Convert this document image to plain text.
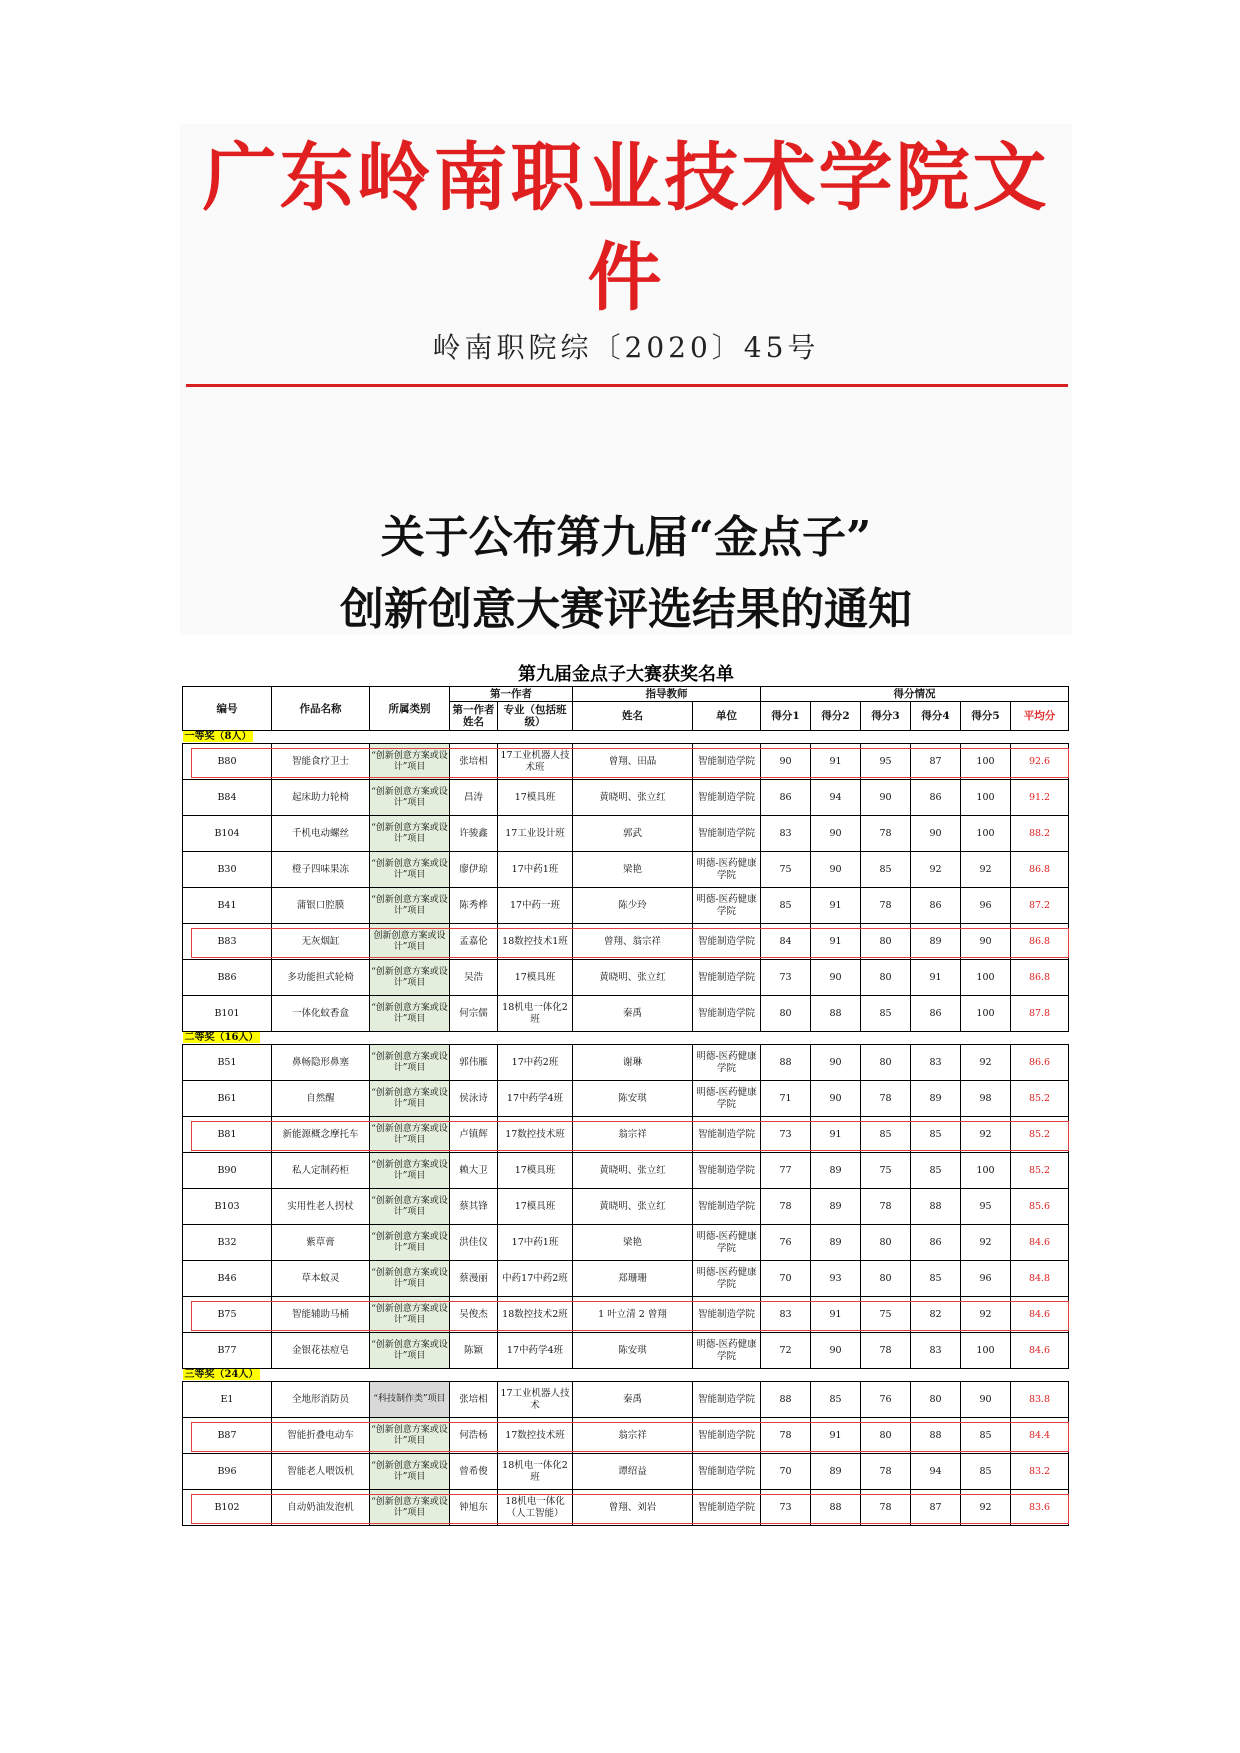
广东岭南职业技术学院文件
岭南职院综〔2020〕45号
关于公布第九届“金点子”
创新创意大赛评选结果的通知
第九届金点子大赛获奖名单
编号	作品名称	所属类别	第一作者		指导教师		得分情况					
			第一作者姓名	专业（包括班级）	姓名	单位	得分1	得分2	得分3	得分4	得分5	平均分
一等奖（8人）												
B80	智能食疗卫士	“创新创意方案或设计”项目	张培相	17工业机器人技术班	曾翔、田晶	智能制造学院	90	91	95	87	100	92.6
B84	起床助力轮椅	“创新创意方案或设计”项目	昌涛	17模具班	黄晓明、张立红	智能制造学院	86	94	90	86	100	91.2
B104	千机电动螺丝	“创新创意方案或设计”项目	许骏鑫	17工业设计班	郭武	智能制造学院	83	90	78	90	100	88.2
B30	橙子四味果冻	“创新创意方案或设计”项目	廖伊琼	17中药1班	梁艳	明德-医药健康学院	75	90	85	92	92	86.8
B41	蒲银口腔膜	“创新创意方案或设计”项目	陈秀桦	17中药一班	陈少玲	明德-医药健康学院	85	91	78	86	96	87.2
B83	无灰烟缸	创新创意方案或设计”项目	孟嘉伦	18数控技术1班	曾翔、翁宗祥	智能制造学院	84	91	80	89	90	86.8
B86	多功能担式轮椅	“创新创意方案或设计”项目	吴浩	17模具班	黄晓明、张立红	智能制造学院	73	90	80	91	100	86.8
B101	一体化蚊香盒	“创新创意方案或设计”项目	何宗儒	18机电一体化2班	秦禹	智能制造学院	80	88	85	86	100	87.8
二等奖（16人）												
B51	鼻畅隐形鼻塞	“创新创意方案或设计”项目	郭伟雁	17中药2班	谢琳	明德-医药健康学院	88	90	80	83	92	86.6
B61	自然醒	“创新创意方案或设计”项目	侯泳诗	17中药学4班	陈安琪	明德-医药健康学院	71	90	78	89	98	85.2
B81	新能源概念摩托车	“创新创意方案或设计”项目	卢镇辉	17数控技术班	翁宗祥	智能制造学院	73	91	85	85	92	85.2
B90	私人定制药柜	“创新创意方案或设计”项目	赖大卫	17模具班	黄晓明、张立红	智能制造学院	77	89	75	85	100	85.2
B103	实用性老人拐杖	“创新创意方案或设计”项目	蔡其锋	17模具班	黄晓明、张立红	智能制造学院	78	89	78	88	95	85.6
B32	紫草膏	“创新创意方案或设计”项目	洪佳仪	17中药1班	梁艳	明德-医药健康学院	76	89	80	86	92	84.6
B46	草本蚊灵	“创新创意方案或设计”项目	蔡漫丽	中药17中药2班	郑珊珊	明德-医药健康学院	70	93	80	85	96	84.8
B75	智能辅助马桶	“创新创意方案或设计”项目	吴俊杰	18数控技术2班	1 叶立清 2 曾翔	智能制造学院	83	91	75	82	92	84.6
B77	金银花祛痘皂	“创新创意方案或设计”项目	陈颖	17中药学4班	陈安琪	明德-医药健康学院	72	90	78	83	100	84.6
三等奖（24人）												
E1	全地形消防员	“科技制作类”项目	张培相	17工业机器人技术	秦禹	智能制造学院	88	85	76	80	90	83.8
B87	智能折叠电动车	“创新创意方案或设计”项目	何浩杨	17数控技术班	翁宗祥	智能制造学院	78	91	80	88	85	84.4
B96	智能老人喂饭机	“创新创意方案或设计”项目	曾希俊	18机电一体化2班	谭绍益	智能制造学院	70	89	78	94	85	83.2
B102	自动奶油发泡机	“创新创意方案或设计”项目	钟旭东	18机电一体化（人工智能）	曾翔、刘岩	智能制造学院	73	88	78	87	92	83.6
